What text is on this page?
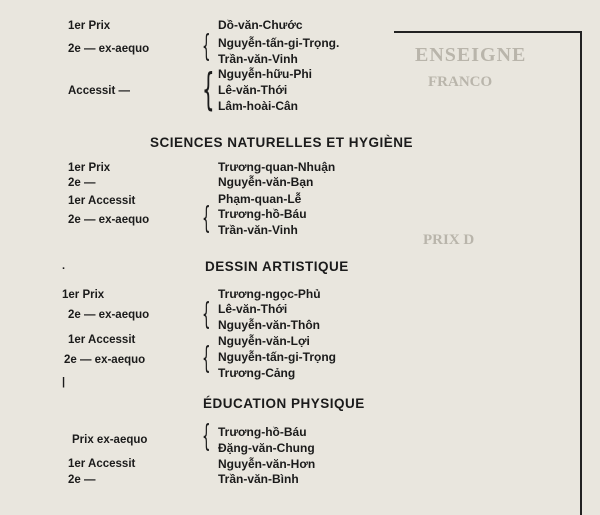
ENSEIGNE
FRANCO
PRIX D
1er Prix	Dồ-văn-Chước
2e — ex-aequo { Nguyễn-tấn-gi-Trọng.
Trần-văn-Vinh
Nguyễn-hữu-Phi
Accessit — { Lê-văn-Thới
Lâm-hoài-Cân
SCIENCES NATURELLES ET HYGIÈNE
1er Prix	Trương-quan-Nhuận
2e —	Nguyễn-văn-Bạn
1er Accessit	Phạm-quan-Lễ
2e — ex-aequo { Trương-hồ-Báu
Trần-văn-Vinh
DESSIN ARTISTIQUE
1er Prix	Trương-ngọc-Phủ
2e — ex-aequo { Lê-văn-Thới
Nguyễn-văn-Thôn
1er Accessit	Nguyễn-văn-Lợi
2e — ex-aequo { Nguyễn-tấn-gi-Trọng
Trương-Cảng
ÉDUCATION PHYSIQUE
Prix ex-aequo { Trương-hồ-Báu
Đặng-văn-Chung
1er Accessit	Nguyễn-văn-Hơn
2e —	Trần-văn-Bình
|
.
